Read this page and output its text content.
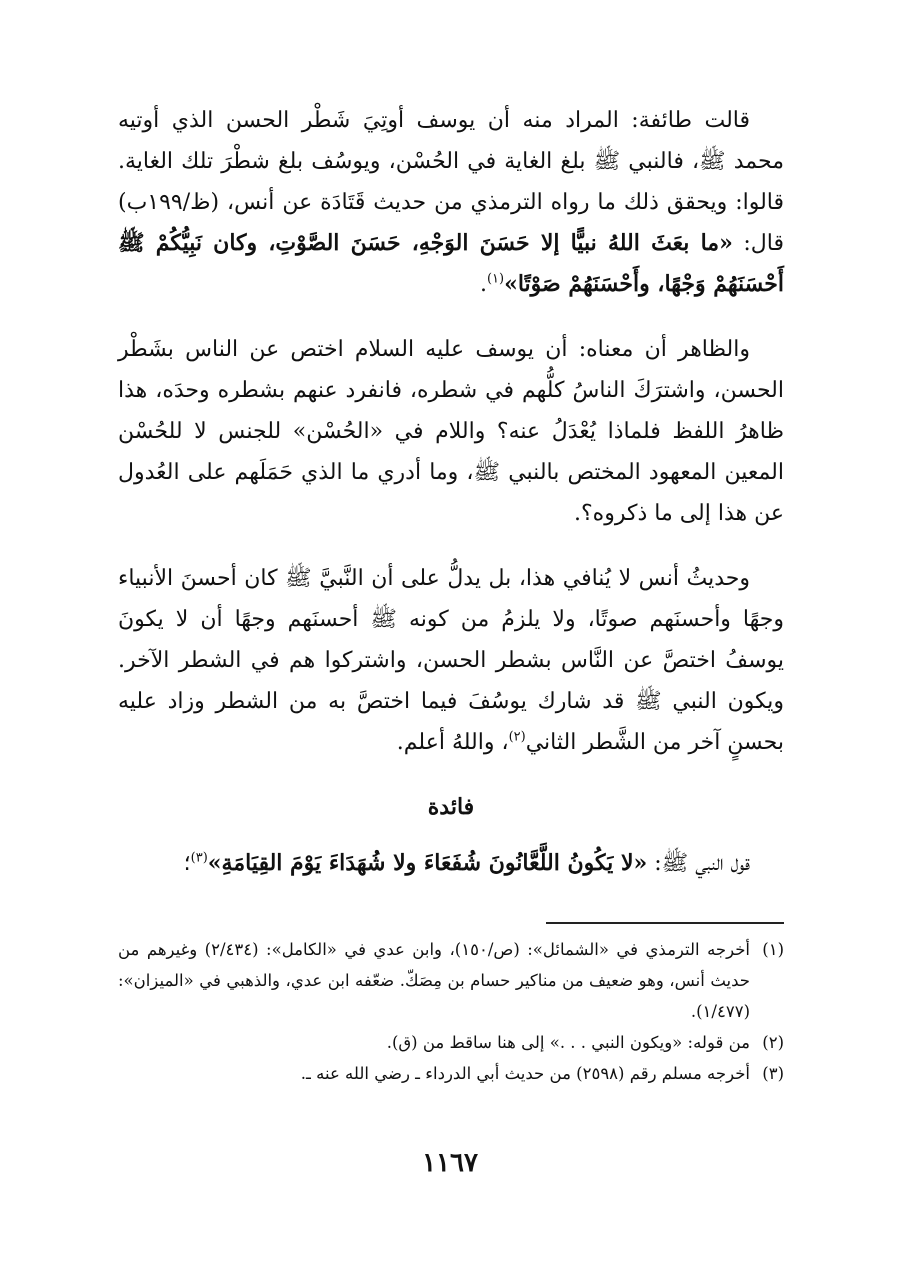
قالت طائفة: المراد منه أن يوسف أوتِيَ شَطْر الحسن الذي أوتيه محمد ﷺ، فالنبي ﷺ بلغ الغاية في الحُسْن، ويوسُف بلغ شطْرَ تلك الغاية. قالوا: ويحقق ذلك ما رواه الترمذي من حديث قَتَادَة عن أنس، (ظ/١٩٩ب) قال: «ما بعَثَ اللهُ نبيًّا إلا حَسَنَ الوَجْهِ، حَسَنَ الصَّوْتِ، وكان نَبِيُّكُمْ ﷺ أَحْسَنَهُمْ وَجْهًا، وأَحْسَنَهُمْ صَوْتًا»$^{(١)}$.

والظاهر أن معناه: أن يوسف عليه السلام اختص عن الناس بشَطْر الحسن، واشترَكَ الناسُ كلُّهم في شطره، فانفرد عنهم بشطره وحدَه، هذا ظاهرُ اللفظ فلماذا يُعْدَلُ عنه؟ واللام في «الحُسْن» للجنس لا للحُسْن المعين المعهود المختص بالنبي ﷺ، وما أدري ما الذي حَمَلَهم على العُدول عن هذا إلى ما ذكروه؟.

وحديثُ أنس لا يُنافي هذا، بل يدلُّ على أن النَّبيَّ ﷺ كان أحسنَ الأنبياء وجهًا وأحسنَهم صوتًا، ولا يلزمُ من كونه ﷺ أحسنَهم وجهًا أن لا يكونَ يوسفُ اختصَّ عن النَّاس بشطر الحسن، واشتركوا هم في الشطر الآخر. ويكون النبي ﷺ قد شارك يوسُفَ فيما اختصَّ به من الشطر وزاد عليه بحسنٍ آخر من الشَّطر الثاني$^{(٢)}$، واللهُ أعلم.

فائدة

قول النبي ﷺ: «لا يَكُونُ اللَّعَّانُونَ شُفَعَاءَ ولا شُهَدَاءَ يَوْمَ القِيَامَةِ»$^{(٣)}$؛

(١)
أخرجه الترمذي في «الشمائل»: (ص/١٥٠)، وابن عدي في «الكامل»: (٢/٤٣٤) وغيرهم من حديث أنس، وهو ضعيف من مناكير حسام بن مِصَكّ. ضعّفه ابن عدي، والذهبي في «الميزان»: (١/٤٧٧).
(٢)
من قوله: «ويكون النبي . . .» إلى هنا ساقط من (ق).
(٣)
أخرجه مسلم رقم (٢٥٩٨) من حديث أبي الدرداء ـ رضي الله عنه ـ.
١١٦٧
